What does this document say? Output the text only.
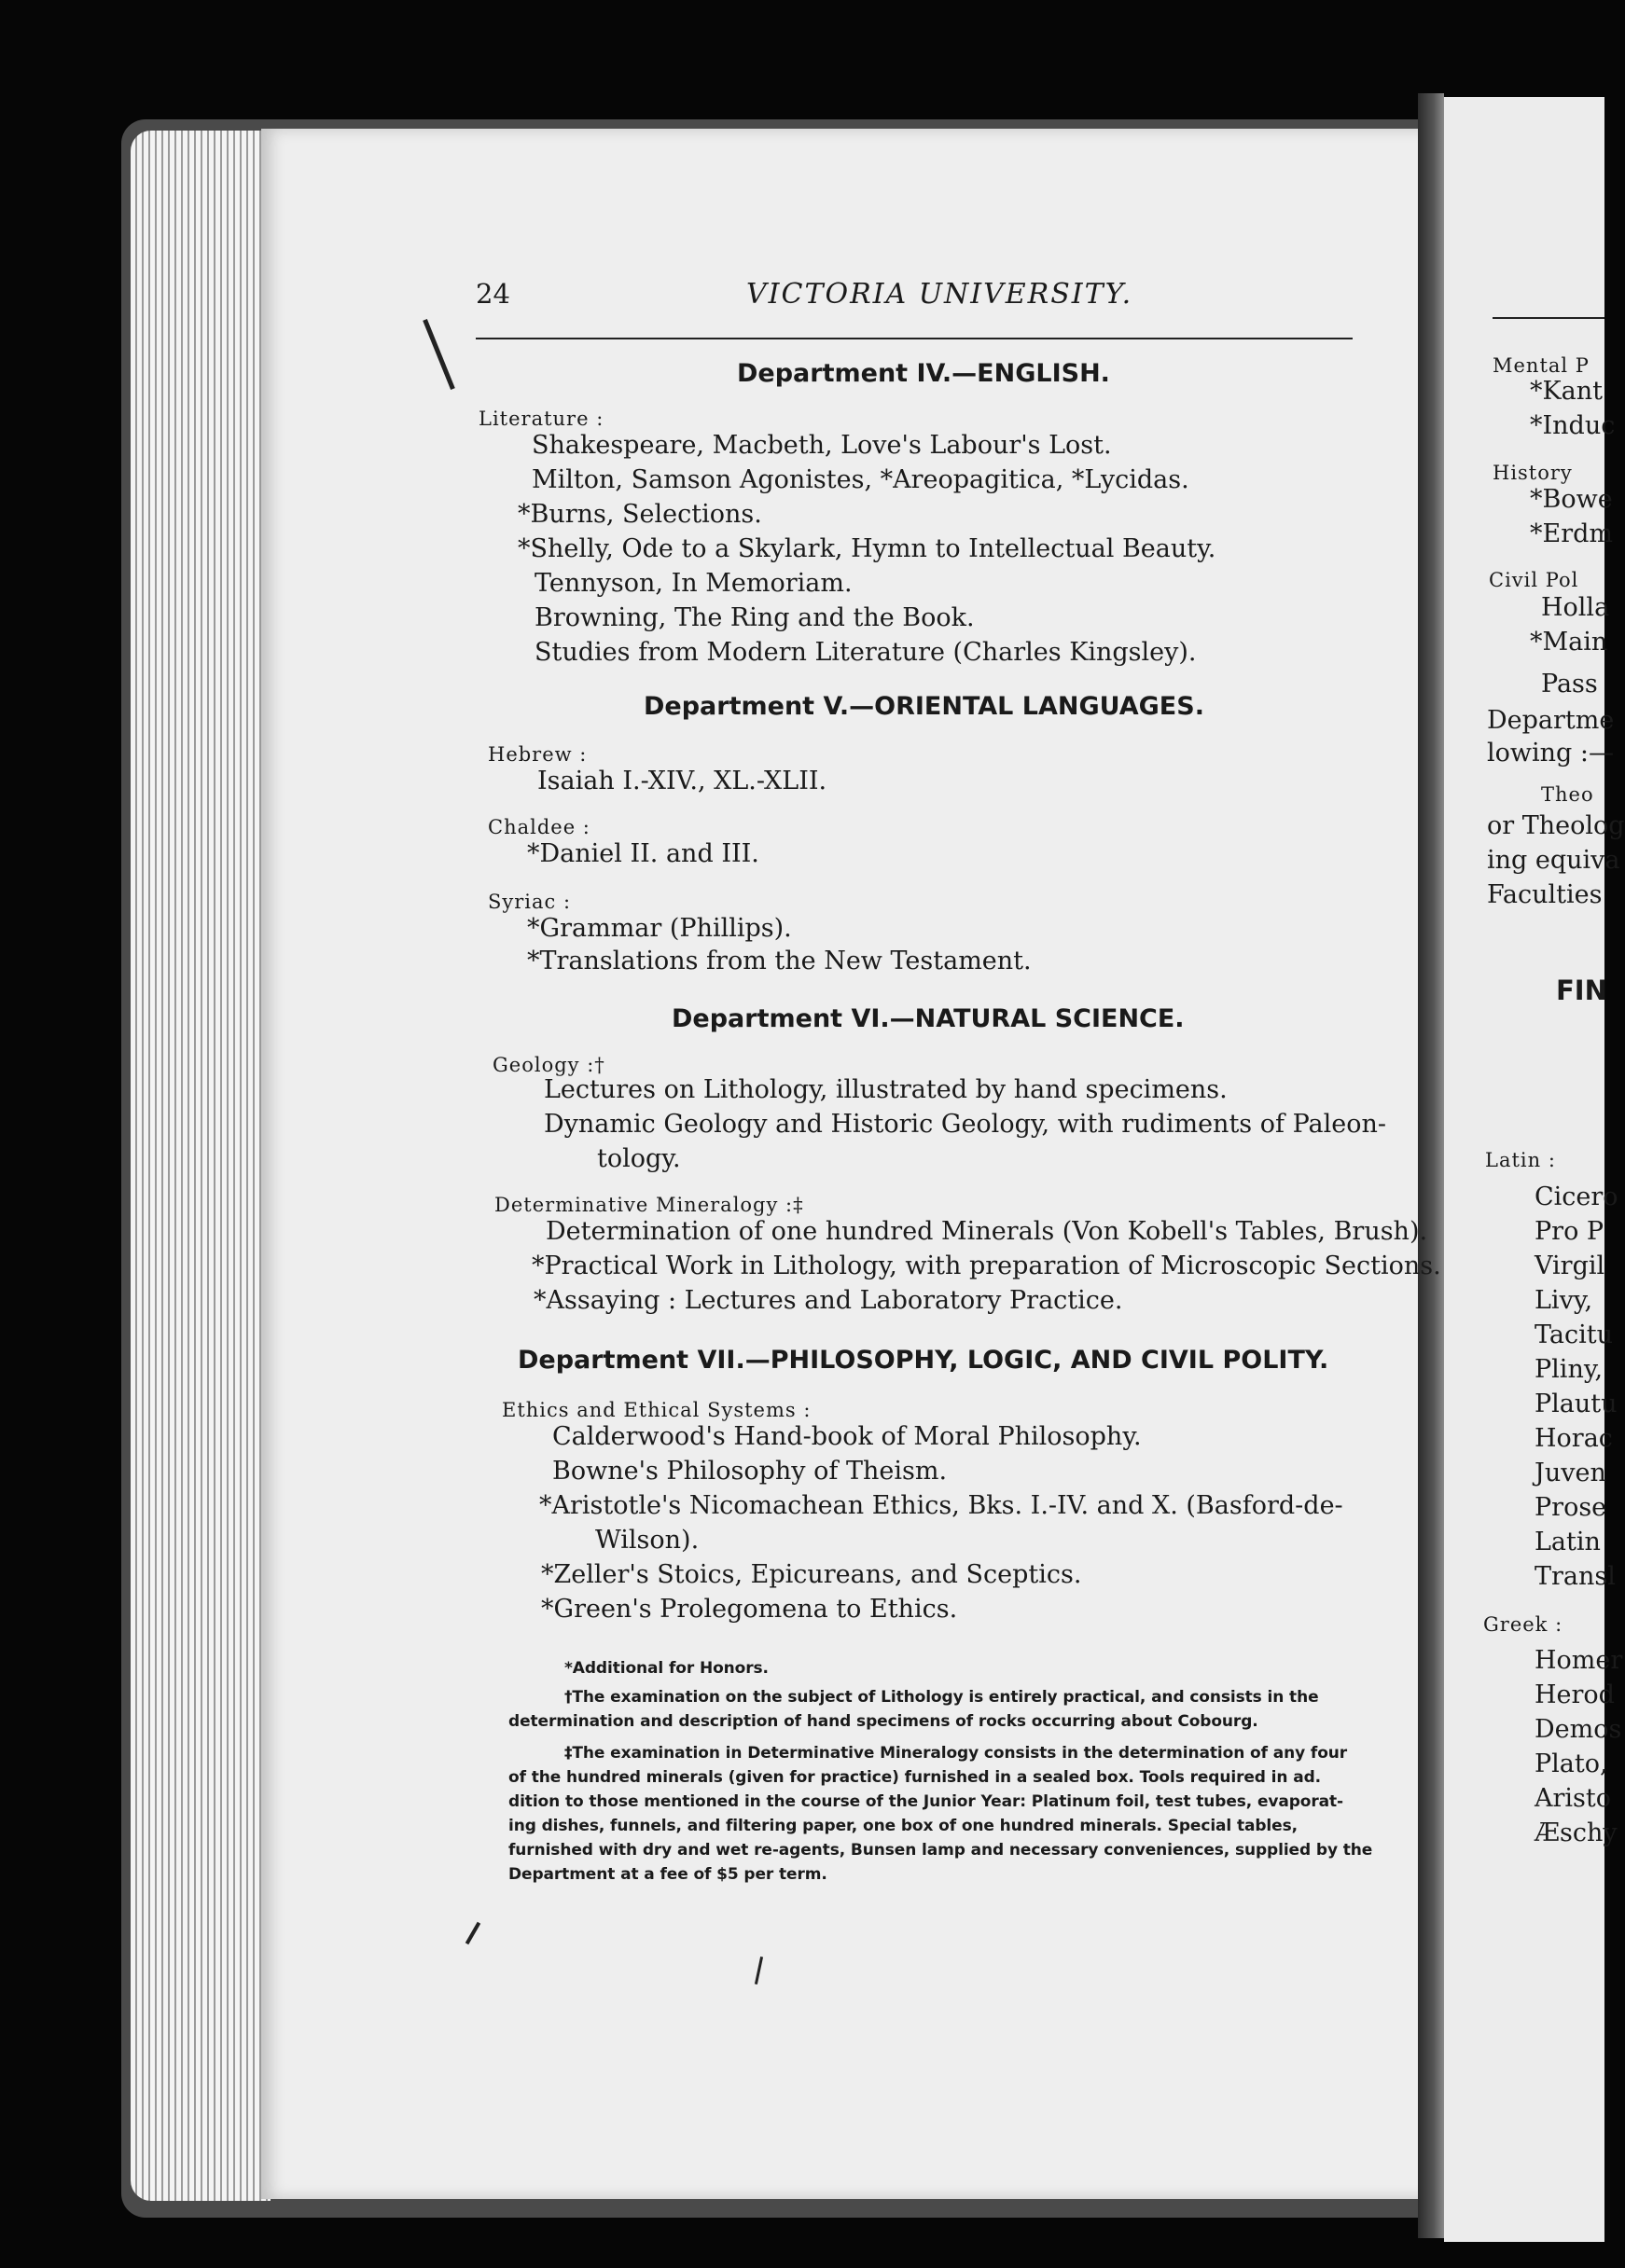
24	VICTORIA UNIVERSITY.
Department IV.—ENGLISH.
Literature :
Shakespeare, Macbeth, Love's Labour's Lost.
Milton, Samson Agonistes, *Areopagitica, *Lycidas.
*Burns, Selections.
*Shelly, Ode to a Skylark, Hymn to Intellectual Beauty.
Tennyson, In Memoriam.
Browning, The Ring and the Book.
Studies from Modern Literature (Charles Kingsley).
Department V.—ORIENTAL LANGUAGES.
Hebrew :
Isaiah I.-XIV., XL.-XLII.
Chaldee :
*Daniel II. and III.
Syriac :
*Grammar (Phillips).
*Translations from the New Testament.
Department VI.—NATURAL SCIENCE.
Geology :†
Lectures on Lithology, illustrated by hand specimens.
Dynamic Geology and Historic Geology, with rudiments of Paleon-
tology.
Determinative Mineralogy :‡
Determination of one hundred Minerals (Von Kobell's Tables, Brush).
*Practical Work in Lithology, with preparation of Microscopic Sections.
*Assaying : Lectures and Laboratory Practice.
Department VII.—PHILOSOPHY, LOGIC, AND CIVIL POLITY.
Ethics and Ethical Systems :
Calderwood's Hand-book of Moral Philosophy.
Bowne's Philosophy of Theism.
*Aristotle's Nicomachean Ethics, Bks. I.-IV. and X. (Basford-de-
Wilson).
*Zeller's Stoics, Epicureans, and Sceptics.
*Green's Prolegomena to Ethics.
*Additional for Honors.
†The examination on the subject of Lithology is entirely practical, and consists in the
determination and description of hand specimens of rocks occurring about Cobourg.
‡The examination in Determinative Mineralogy consists in the determination of any four
of the hundred minerals (given for practice) furnished in a sealed box. Tools required in ad.
dition to those mentioned in the course of the Junior Year: Platinum foil, test tubes, evaporat-
ing dishes, funnels, and filtering paper, one box of one hundred minerals. Special tables,
furnished with dry and wet re-agents, Bunsen lamp and necessary conveniences, supplied by the
Department at a fee of $5 per term.
Mental P
*Kant
*Induc
History
*Bowe
*Erdm
Civil Pol
Holla
*Main
Pass
Departme
lowing :—
Theo
or Theolog
ing equiva
Faculties
FIN
Latin :
Cicero
Pro P
Virgil
Livy,
Tacitu
Pliny,
Plautu
Horac
Juven
Prose
Latin
Transl
Greek :
Homer
Herod
Demos
Plato,
Aristo
Æschy
